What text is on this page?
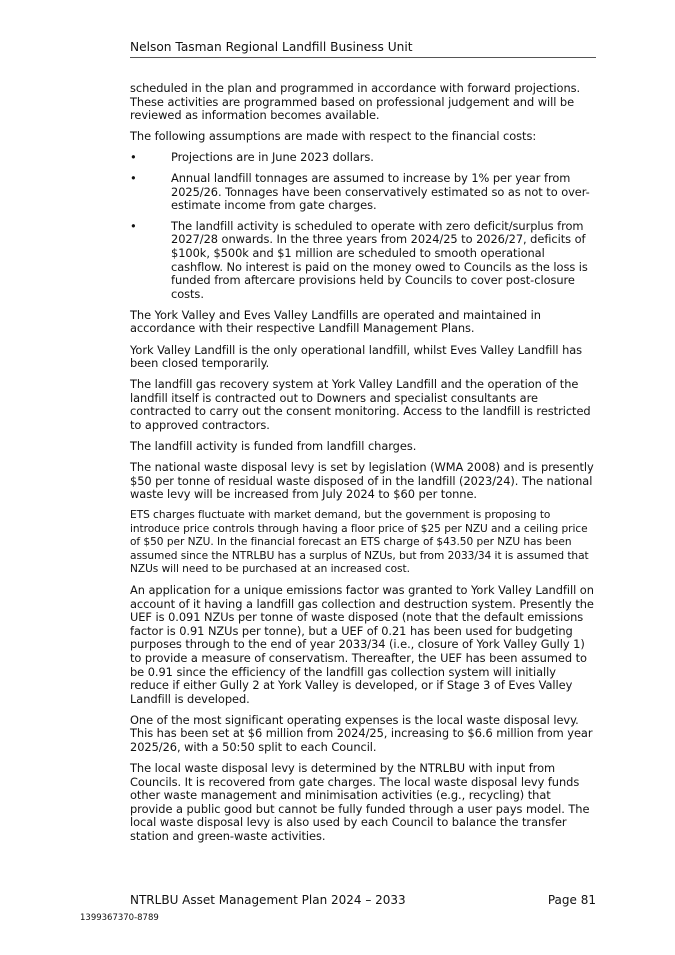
Nelson Tasman Regional Landfill Business Unit

scheduled in the plan and programmed in accordance with forward projections. These activities are programmed based on professional judgement and will be reviewed as information becomes available.

The following assumptions are made with respect to the financial costs:

• Projections are in June 2023 dollars.
• Annual landfill tonnages are assumed to increase by 1% per year from 2025/26. Tonnages have been conservatively estimated so as not to over-estimate income from gate charges.
• The landfill activity is scheduled to operate with zero deficit/surplus from 2027/28 onwards. In the three years from 2024/25 to 2026/27, deficits of $100k, $500k and $1 million are scheduled to smooth operational cashflow. No interest is paid on the money owed to Councils as the loss is funded from aftercare provisions held by Councils to cover post-closure costs.

The York Valley and Eves Valley Landfills are operated and maintained in accordance with their respective Landfill Management Plans.

York Valley Landfill is the only operational landfill, whilst Eves Valley Landfill has been closed temporarily.

The landfill gas recovery system at York Valley Landfill and the operation of the landfill itself is contracted out to Downers and specialist consultants are contracted to carry out the consent monitoring. Access to the landfill is restricted to approved contractors.

The landfill activity is funded from landfill charges.

The national waste disposal levy is set by legislation (WMA 2008) and is presently $50 per tonne of residual waste disposed of in the landfill (2023/24). The national waste levy will be increased from July 2024 to $60 per tonne.

ETS charges fluctuate with market demand, but the government is proposing to introduce price controls through having a floor price of $25 per NZU and a ceiling price of $50 per NZU. In the financial forecast an ETS charge of $43.50 per NZU has been assumed since the NTRLBU has a surplus of NZUs, but from 2033/34 it is assumed that NZUs will need to be purchased at an increased cost.

An application for a unique emissions factor was granted to York Valley Landfill on account of it having a landfill gas collection and destruction system. Presently the UEF is 0.091 NZUs per tonne of waste disposed (note that the default emissions factor is 0.91 NZUs per tonne), but a UEF of 0.21 has been used for budgeting purposes through to the end of year 2033/34 (i.e., closure of York Valley Gully 1) to provide a measure of conservatism. Thereafter, the UEF has been assumed to be 0.91 since the efficiency of the landfill gas collection system will initially reduce if either Gully 2 at York Valley is developed, or if Stage 3 of Eves Valley Landfill is developed.

One of the most significant operating expenses is the local waste disposal levy. This has been set at $6 million from 2024/25, increasing to $6.6 million from year 2025/26, with a 50:50 split to each Council.

The local waste disposal levy is determined by the NTRLBU with input from Councils. It is recovered from gate charges. The local waste disposal levy funds other waste management and minimisation activities (e.g., recycling) that provide a public good but cannot be fully funded through a user pays model. The local waste disposal levy is also used by each Council to balance the transfer station and green-waste activities.

NTRLBU Asset Management Plan 2024 – 2033	Page 81
1399367370-8789
